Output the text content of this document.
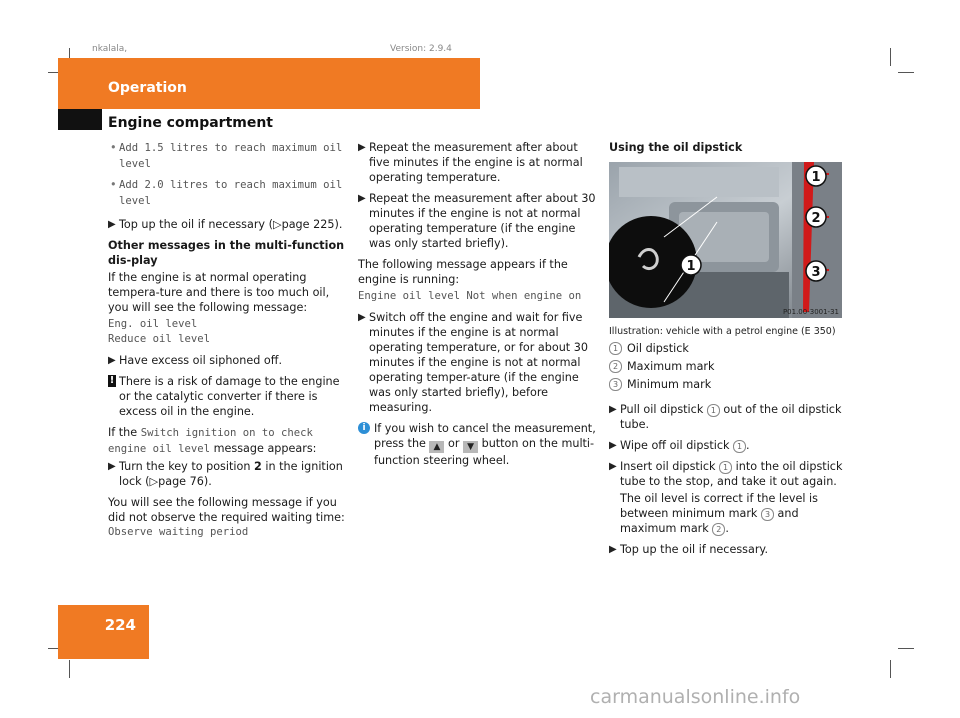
nkalala,	Version: 2.9.4
Operation
Engine compartment
• Add 1.5 litres to reach maximum oil level
• Add 2.0 litres to reach maximum oil level
▶ Top up the oil if necessary (▷page 225).

Other messages in the multi-function dis-play

If the engine is at normal operating tempera-ture and there is too much oil, you will see the following message:

Eng. oil level
Reduce oil level
▶ Have excess oil siphoned off.
! There is a risk of damage to the engine or the catalytic converter if there is excess oil in the engine.

If the Switch ignition on to check engine oil level message appears:

▶ Turn the key to position 2 in the ignition lock (▷page 76).

You will see the following message if you did not observe the required waiting time:

Observe waiting period
▶ Repeat the measurement after about five minutes if the engine is at normal operating temperature.
▶ Repeat the measurement after about 30 minutes if the engine is not at normal operating temperature (if the engine was only started briefly).

The following message appears if the engine is running:

Engine oil level Not when engine on
▶ Switch off the engine and wait for five minutes if the engine is at normal operating temperature, or for about 30 minutes if the engine is not at normal operating temper-ature (if the engine was only started briefly), before measuring.
i If you wish to cancel the measurement, press the ▲ or ▼ button on the multi-function steering wheel.

Using the oil dipstick

1
1
2
3
P01.00-3001-31

Illustration: vehicle with a petrol engine (E 350)

1 Oil dipstick
2 Maximum mark
3 Minimum mark
▶ Pull oil dipstick 1 out of the oil dipstick tube.
▶ Wipe off oil dipstick 1 .
▶ Insert oil dipstick 1 into the oil dipstick tube to the stop, and take it out again.

The oil level is correct if the level is between minimum mark 3 and maximum mark 2 .

▶ Top up the oil if necessary.
224
carmanualsonline.info
